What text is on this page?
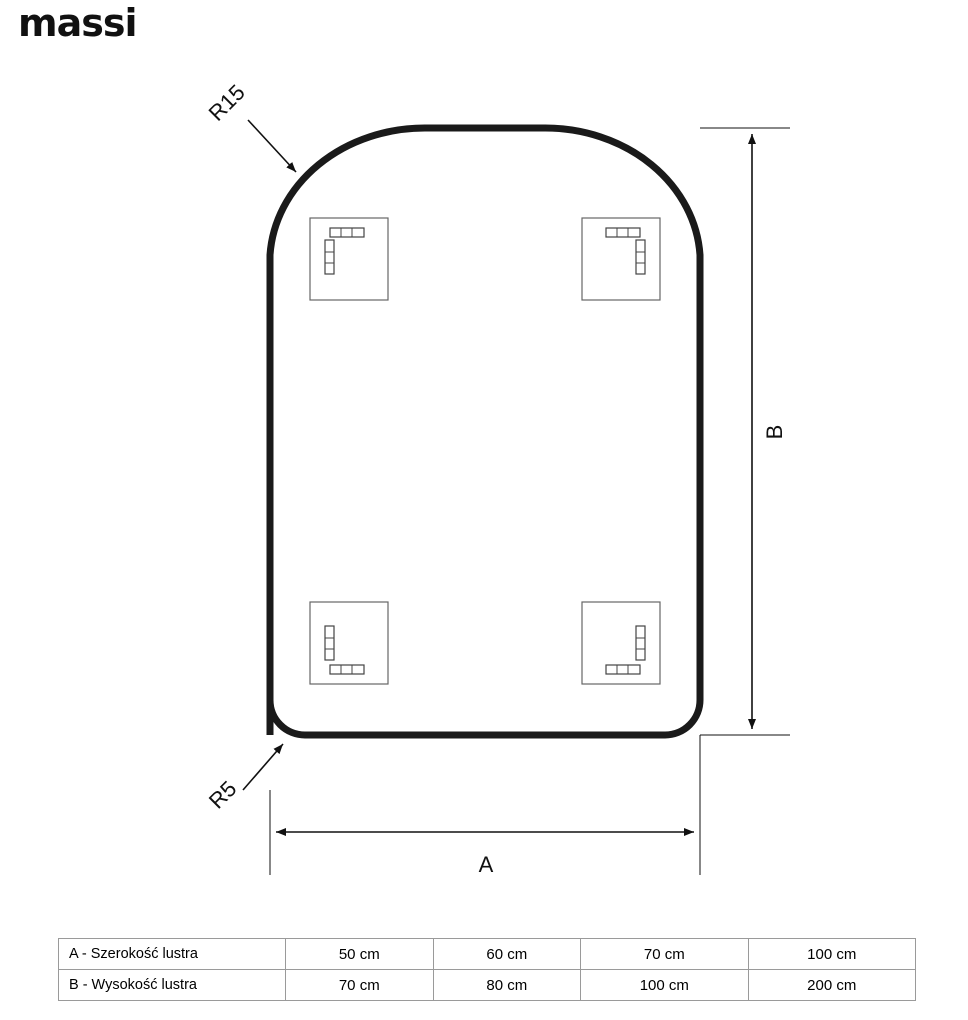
massi
R15
R5
B
A
A - Szerokość lustra	50 cm	60 cm	70 cm	100 cm
B - Wysokość lustra	70 cm	80 cm	100 cm	200 cm
